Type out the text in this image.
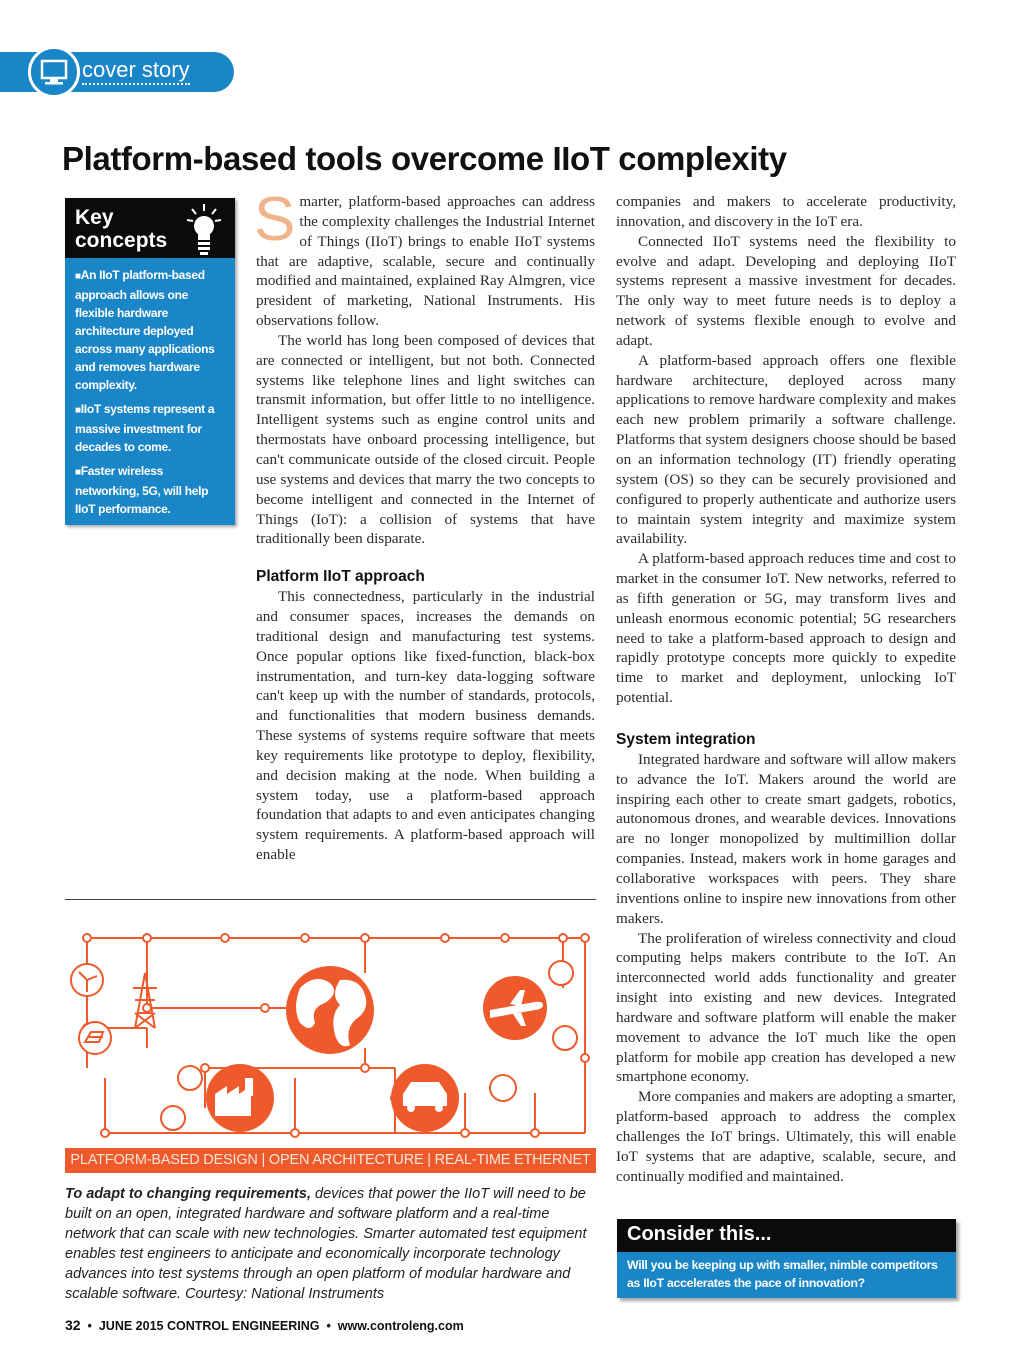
cover story
Platform-based tools overcome IIoT complexity
Key
concepts
■ An IIoT platform-based approach allows one flexible hardware architecture deployed across many applications and removes hardware complexity.
■ IIoT systems represent a massive investment for decades to come.
■ Faster wireless networking, 5G, will help IIoT performance.

Smarter, platform-based approaches can address the complexity challenges the Industrial Internet of Things (IIoT) brings to enable IIoT systems that are adaptive, scalable, secure and continually modified and maintained, explained Ray Almgren, vice president of marketing, National Instruments. His observations follow.

The world has long been composed of devices that are connected or intelligent, but not both. Connected systems like telephone lines and light switches can transmit information, but offer little to no intelligence. Intelligent systems such as engine control units and thermostats have onboard processing intelligence, but can't communicate outside of the closed circuit. People use systems and devices that marry the two concepts to become intelligent and connected in the Internet of Things (IoT): a collision of systems that have traditionally been disparate.

Platform IIoT approach

This connectedness, particularly in the industrial and consumer spaces, increases the demands on traditional design and manufacturing test systems. Once popular options like fixed-function, black-box instrumentation, and turn-key data-logging software can't keep up with the number of standards, protocols, and functionalities that modern business demands. These systems of systems require software that meets key requirements like prototype to deploy, flexibility, and decision making at the node. When building a system today, use a platform-based approach foundation that adapts to and even anticipates changing system requirements. A platform-based approach will enable

companies and makers to accelerate productivity, innovation, and discovery in the IoT era.

Connected IIoT systems need the flexibility to evolve and adapt. Developing and deploying IIoT systems represent a massive investment for decades. The only way to meet future needs is to deploy a network of systems flexible enough to evolve and adapt.

A platform-based approach offers one flexible hardware architecture, deployed across many applications to remove hardware complexity and makes each new problem primarily a software challenge. Platforms that system designers choose should be based on an information technology (IT) friendly operating system (OS) so they can be securely provisioned and configured to properly authenticate and authorize users to maintain system integrity and maximize system availability.

A platform-based approach reduces time and cost to market in the consumer IoT. New networks, referred to as fifth generation or 5G, may transform lives and unleash enormous economic potential; 5G researchers need to take a platform-based approach to design and rapidly prototype concepts more quickly to expedite time to market and deployment, unlocking IoT potential.

System integration

Integrated hardware and software will allow makers to advance the IoT. Makers around the world are inspiring each other to create smart gadgets, robotics, autonomous drones, and wearable devices. Innovations are no longer monopolized by multimillion dollar companies. Instead, makers work in home garages and collaborative workspaces with peers. They share inventions online to inspire new innovations from other makers.

The proliferation of wireless connectivity and cloud computing helps makers contribute to the IoT. An interconnected world adds functionality and greater insight into existing and new devices. Integrated hardware and software platform will enable the maker movement to advance the IoT much like the open platform for mobile app creation has developed a new smartphone economy.

More companies and makers are adopting a smarter, platform-based approach to address the complex challenges the IoT brings. Ultimately, this will enable IoT systems that are adaptive, scalable, secure, and continually modified and maintained.

PLATFORM-BASED DESIGN | OPEN ARCHITECTURE | REAL-TIME ETHERNET
To adapt to changing requirements, devices that power the IIoT will need to be built on an open, integrated hardware and software platform and a real-time network that can scale with new technologies. Smarter automated test equipment enables test engineers to anticipate and economically incorporate technology advances into test systems through an open platform of modular hardware and scalable software. Courtesy: National Instruments
Consider this...
Will you be keeping up with smaller, nimble competitors as IIoT accelerates the pace of innovation?
32  •  JUNE 2015 CONTROL ENGINEERING  •  www.controleng.com
